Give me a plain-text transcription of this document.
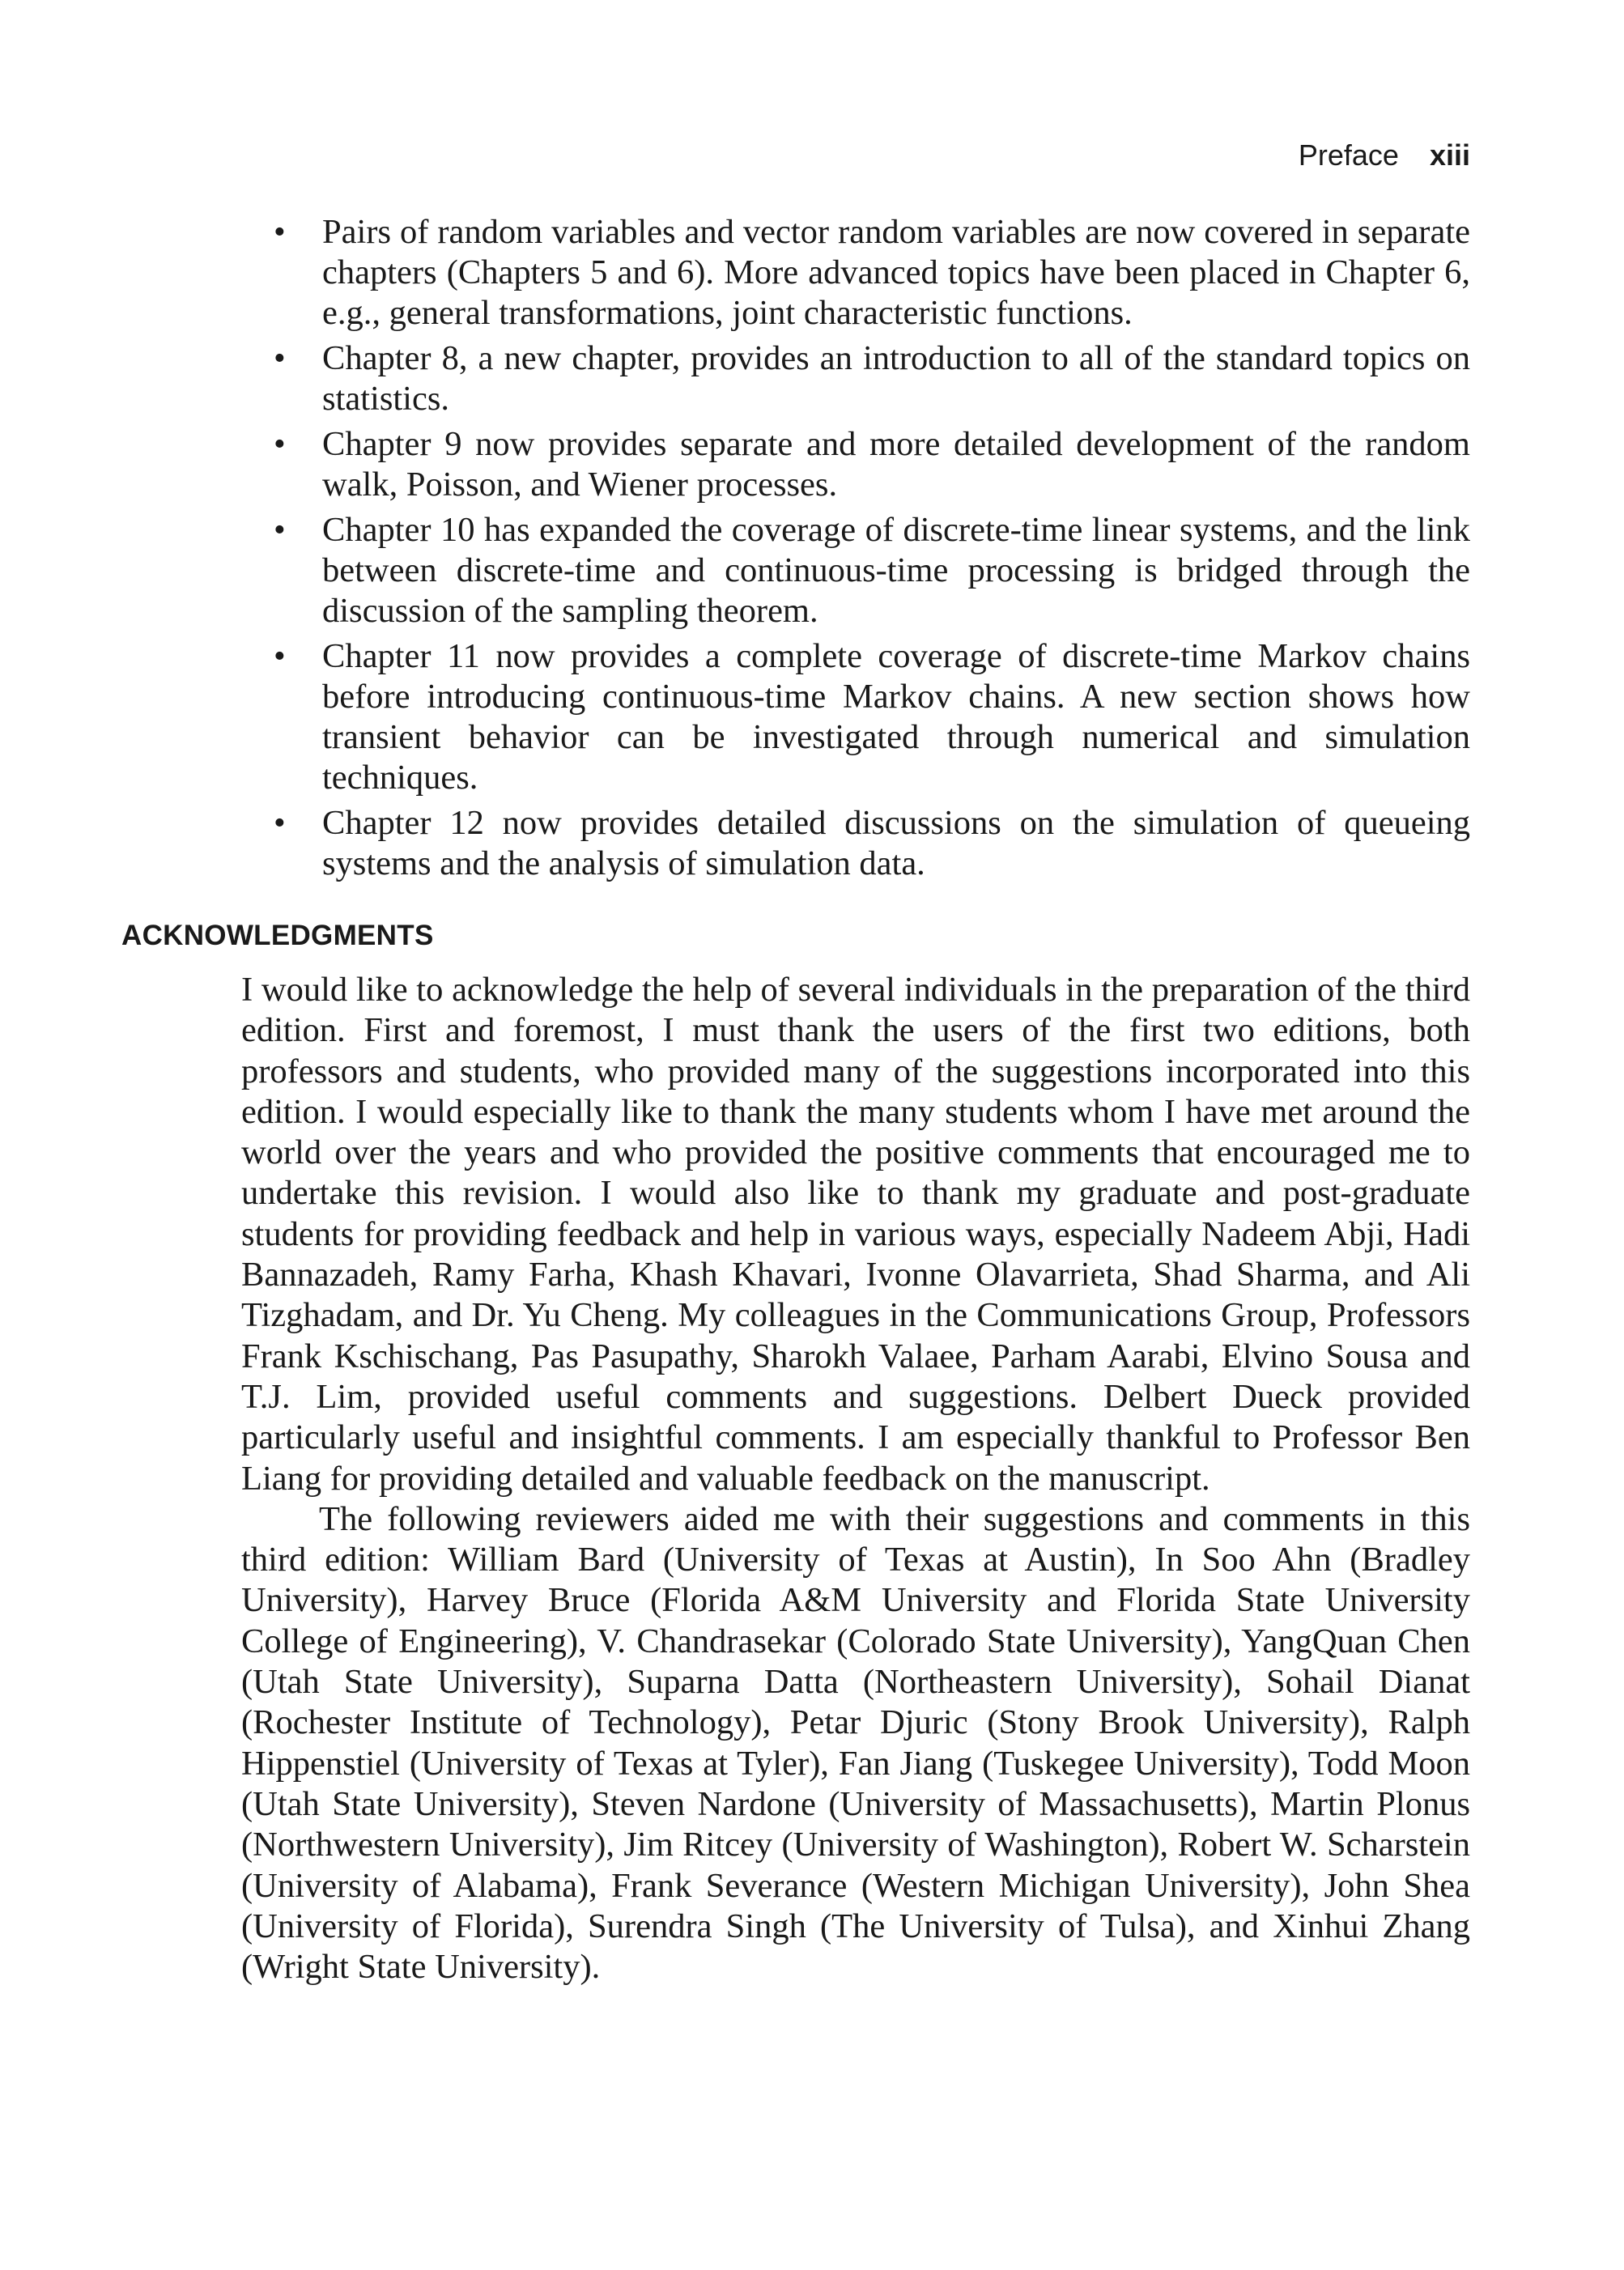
Preface xiii
• Pairs of random variables and vector random variables are now covered in separate chapters (Chapters 5 and 6). More advanced topics have been placed in Chapter 6, e.g., general transformations, joint characteristic functions.
• Chapter 8, a new chapter, provides an introduction to all of the standard topics on statistics.
• Chapter 9 now provides separate and more detailed development of the random walk, Poisson, and Wiener processes.
• Chapter 10 has expanded the coverage of discrete-time linear systems, and the link between discrete-time and continuous-time processing is bridged through the discussion of the sampling theorem.
• Chapter 11 now provides a complete coverage of discrete-time Markov chains before introducing continuous-time Markov chains. A new section shows how transient behavior can be investigated through numerical and simulation techniques.
• Chapter 12 now provides detailed discussions on the simulation of queueing systems and the analysis of simulation data.
ACKNOWLEDGMENTS

I would like to acknowledge the help of several individuals in the preparation of the third edition. First and foremost, I must thank the users of the first two editions, both professors and students, who provided many of the suggestions incorporated into this edition. I would especially like to thank the many students whom I have met around the world over the years and who provided the positive comments that encouraged me to undertake this revision. I would also like to thank my graduate and post-graduate students for providing feedback and help in various ways, especially Nadeem Abji, Hadi Bannazadeh, Ramy Farha, Khash Khavari, Ivonne Olavarrieta, Shad Sharma, and Ali Tizghadam, and Dr. Yu Cheng. My colleagues in the Communications Group, Professors Frank Kschischang, Pas Pasupathy, Sharokh Valaee, Parham Aarabi, Elvino Sousa and T.J. Lim, provided useful comments and suggestions. Delbert Dueck provided particularly useful and insightful comments. I am especially thankful to Professor Ben Liang for providing detailed and valuable feedback on the manuscript.

The following reviewers aided me with their suggestions and comments in this third edition: William Bard (University of Texas at Austin), In Soo Ahn (Bradley University), Harvey Bruce (Florida A&M University and Florida State University College of Engineering), V. Chandrasekar (Colorado State University), YangQuan Chen (Utah State University), Suparna Datta (Northeastern University), Sohail Dianat (Rochester Institute of Technology), Petar Djuric (Stony Brook University), Ralph Hippenstiel (University of Texas at Tyler), Fan Jiang (Tuskegee University), Todd Moon (Utah State University), Steven Nardone (University of Massachusetts), Martin Plonus (Northwestern University), Jim Ritcey (University of Washington), Robert W. Scharstein (University of Alabama), Frank Severance (Western Michigan University), John Shea (University of Florida), Surendra Singh (The University of Tulsa), and Xinhui Zhang (Wright State University).
